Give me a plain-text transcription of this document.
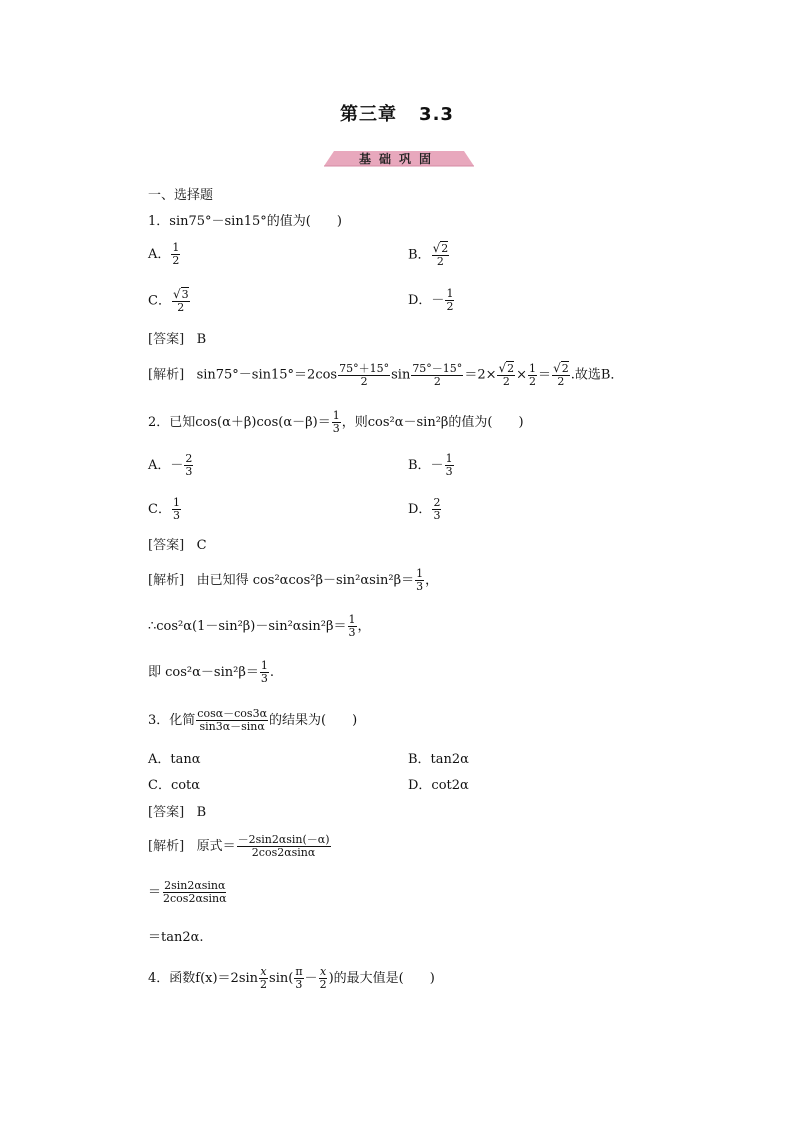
第三章 3.3
基础巩固
一、选择题
1．sin75°－sin15°的值为(　　)
A． $\frac{1}{2}$	B． $\frac{√2}{2}$
C． $\frac{√3}{2}$	D．－ $\frac{1}{2}$
[答案] B
[解析] $\sin 75^\circ-\sin 15^\circ=2\cos \frac{75^\circ+15^\circ}{2}$ $\sin \frac{75^\circ-15^\circ}{2} =2\times \frac{√2}{2} \times \frac{1}{2} = \frac{√2}{2}$ .故选B．
2．已知$\cos(\alpha+\beta)\cos(\alpha-\beta)= \frac{1}{3}$ ，则cos²α－sin²β的值为(　　)
A．－ $\frac{2}{3}$	B．－ $\frac{1}{3}$
C． $\frac{1}{3}$	D． $\frac{2}{3}$
[答案] C
[解析] 由已知得 $\cos^2\alpha\cos^2\beta-\sin^2\alpha\sin^2\beta= \frac{1}{3}$ ，
∴cos²α(1－sin²β)－sin²αsin²β＝ $\frac{1}{3}$ ，
即 $\cos^2\alpha-\sin^2\beta= \frac{1}{3}$ .
3．化简 $\frac{\cos\alpha-\cos 3\alpha}{\sin 3\alpha-\sin\alpha}$ 的结果为(　　)
A．tanα	B．tan2α
C．cotα	D．cot2α
[答案] B
[解析] 原式＝ $\frac{-2\sin 2\alpha\sin(-\alpha)}{2\cos 2\alpha\sin\alpha}$
＝ $\frac{2\sin 2\alpha\sin\alpha}{2\cos 2\alpha\sin\alpha}$
＝tan2α.
4．函数$f(x)=2\sin \frac{x}{2} \sin( \frac{\pi}{3} - \frac{x}{2}$ )的最大值是(　　)
